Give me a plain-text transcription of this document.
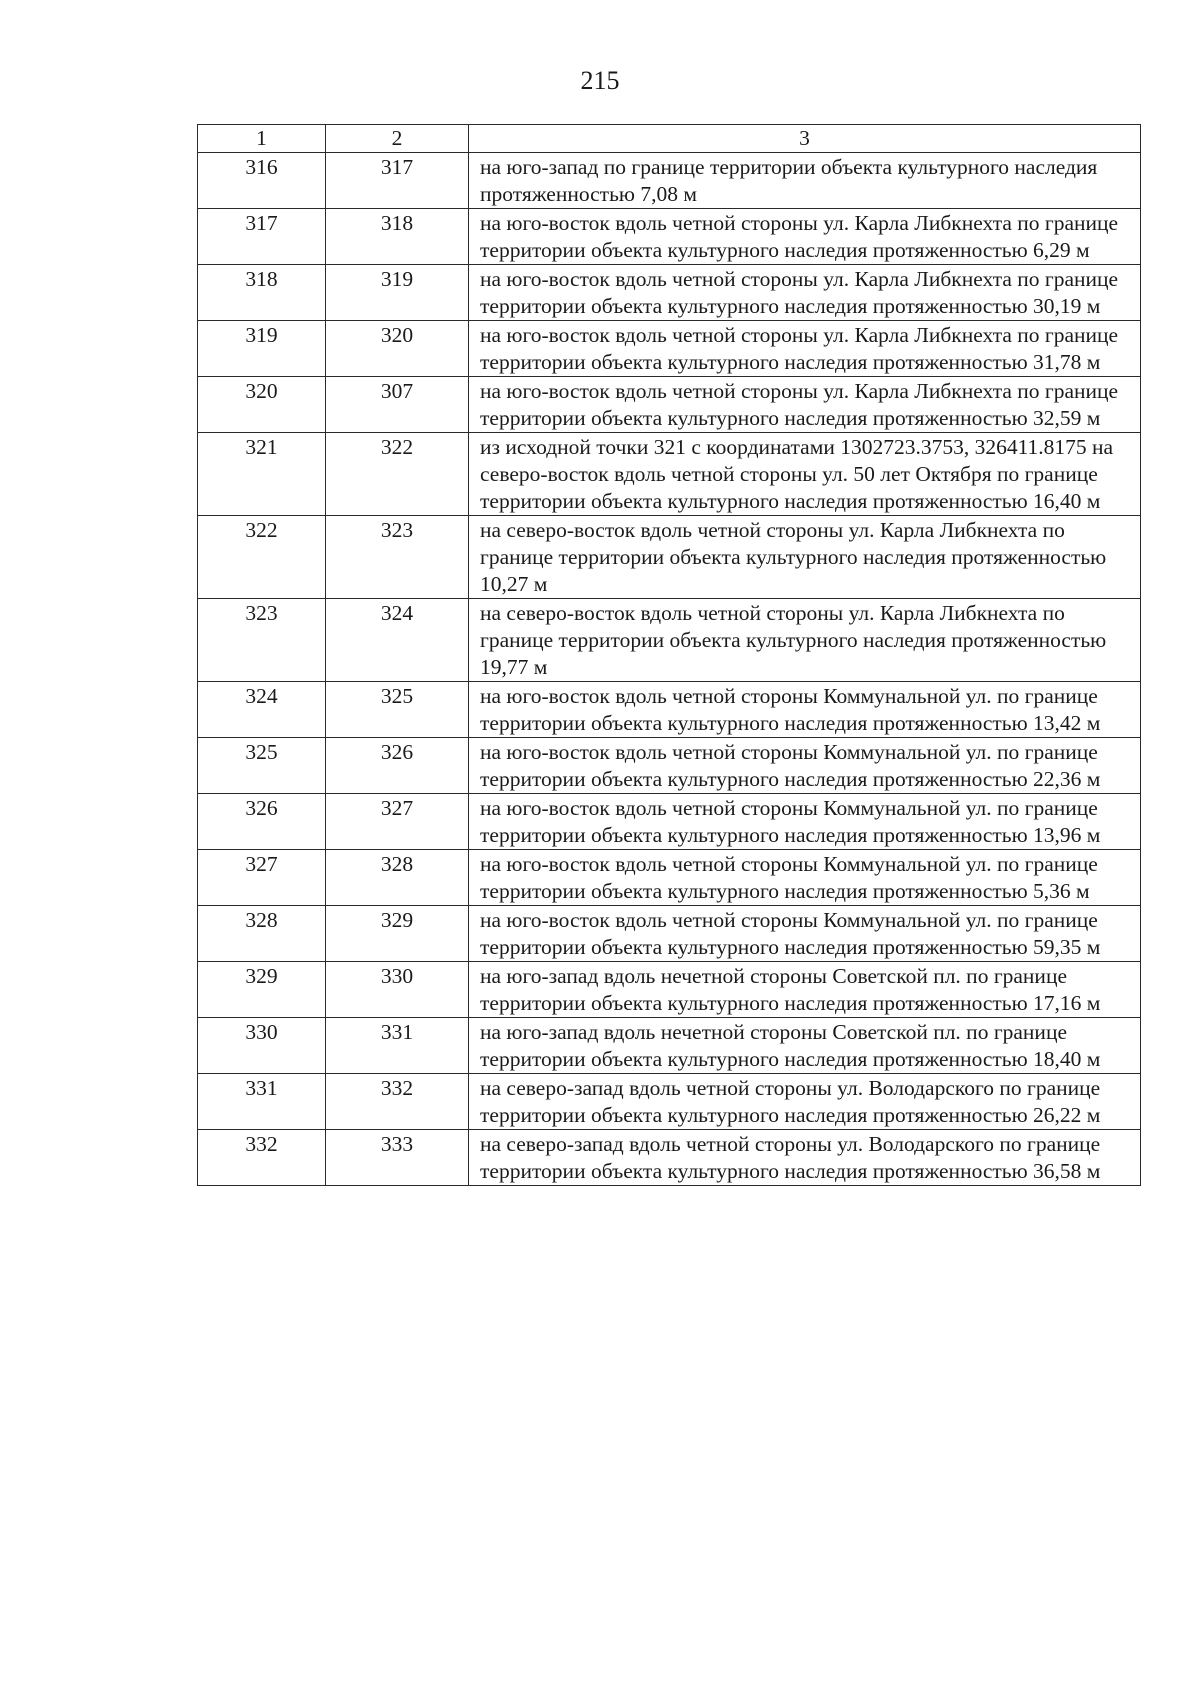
215
1	2	3
316	317	на юго-запад по границе территории объекта культурного наследия протяженностью 7,08 м
317	318	на юго-восток вдоль четной стороны ул. Карла Либкнехта по границе территории объекта культурного наследия протяженностью 6,29 м
318	319	на юго-восток вдоль четной стороны ул. Карла Либкнехта по границе территории объекта культурного наследия протяженностью 30,19 м
319	320	на юго-восток вдоль четной стороны ул. Карла Либкнехта по границе территории объекта культурного наследия протяженностью 31,78 м
320	307	на юго-восток вдоль четной стороны ул. Карла Либкнехта по границе территории объекта культурного наследия протяженностью 32,59 м
321	322	из исходной точки 321 с координатами 1302723.3753, 326411.8175 на северо-восток вдоль четной стороны ул. 50 лет Октября по границе территории объекта культурного наследия протяженностью 16,40 м
322	323	на северо-восток вдоль четной стороны ул. Карла Либкнехта по границе территории объекта культурного наследия протяженностью 10,27 м
323	324	на северо-восток вдоль четной стороны ул. Карла Либкнехта по границе территории объекта культурного наследия протяженностью 19,77 м
324	325	на юго-восток вдоль четной стороны Коммунальной ул. по границе территории объекта культурного наследия протяженностью 13,42 м
325	326	на юго-восток вдоль четной стороны Коммунальной ул. по границе территории объекта культурного наследия протяженностью 22,36 м
326	327	на юго-восток вдоль четной стороны Коммунальной ул. по границе территории объекта культурного наследия протяженностью 13,96 м
327	328	на юго-восток вдоль четной стороны Коммунальной ул. по границе территории объекта культурного наследия протяженностью 5,36 м
328	329	на юго-восток вдоль четной стороны Коммунальной ул. по границе территории объекта культурного наследия протяженностью 59,35 м
329	330	на юго-запад вдоль нечетной стороны Советской пл. по границе территории объекта культурного наследия протяженностью 17,16 м
330	331	на юго-запад вдоль нечетной стороны Советской пл. по границе территории объекта культурного наследия протяженностью 18,40 м
331	332	на северо-запад вдоль четной стороны ул. Володарского по границе территории объекта культурного наследия протяженностью 26,22 м
332	333	на северо-запад вдоль четной стороны ул. Володарского по границе территории объекта культурного наследия протяженностью 36,58 м
